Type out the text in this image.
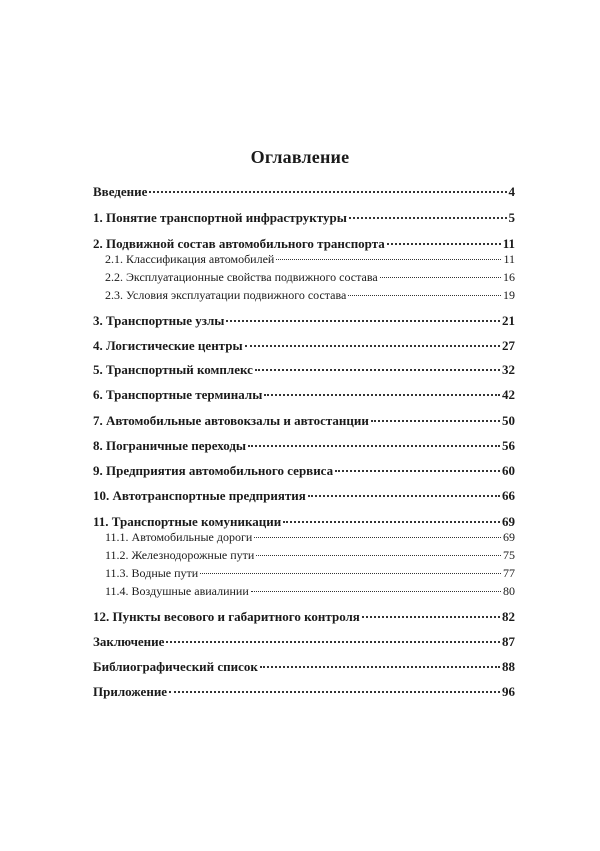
Оглавление
Введение	4
1. Понятие транспортной инфраструктуры	5
2. Подвижной состав автомобильного транспорта	11
2.1. Классификация автомобилей	11
2.2. Эксплуатационные свойства подвижного состава	16
2.3. Условия эксплуатации подвижного состава	19
3. Транспортные узлы	21
4. Логистические центры	27
5. Транспортный комплекс	32
6. Транспортные терминалы	42
7. Автомобильные автовокзалы и автостанции	50
8. Пограничные переходы	56
9. Предприятия автомобильного сервиса	60
10. Автотранспортные предприятия	66
11. Транспортные комуникации	69
11.1. Автомобильные дороги	69
11.2. Железнодорожные пути	75
11.3. Водные пути	77
11.4. Воздушные авиалинии	80
12. Пункты весового и габаритного контроля	82
Заключение	87
Библиографический список	88
Приложение	96
